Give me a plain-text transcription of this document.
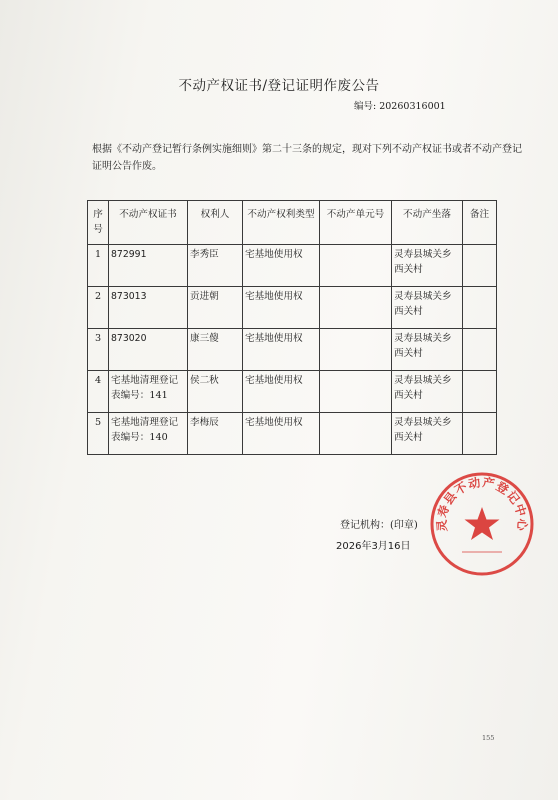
不动产权证书/登记证明作废公告
编号: 20260316001
根据《不动产登记暂行条例实施细则》第二十三条的规定，现对下列不动产权证书或者不动产登记 证明公告作废。
序号	不动产权证书	权利人	不动产权利类型	不动产单元号	不动产坐落	备注
1	872991	李秀臣	宅基地使用权		灵寿县城关乡西关村	
2	873013	贡进朝	宅基地使用权		灵寿县城关乡西关村	
3	873020	康三傻	宅基地使用权		灵寿县城关乡西关村	
4	宅基地清理登记表编号：141	侯二秋	宅基地使用权		灵寿县城关乡西关村	
5	宅基地清理登记表编号：140	李梅辰	宅基地使用权		灵寿县城关乡西关村	
登记机构：(印章)
2026年3月16日
灵寿县不动产登记中心
155
